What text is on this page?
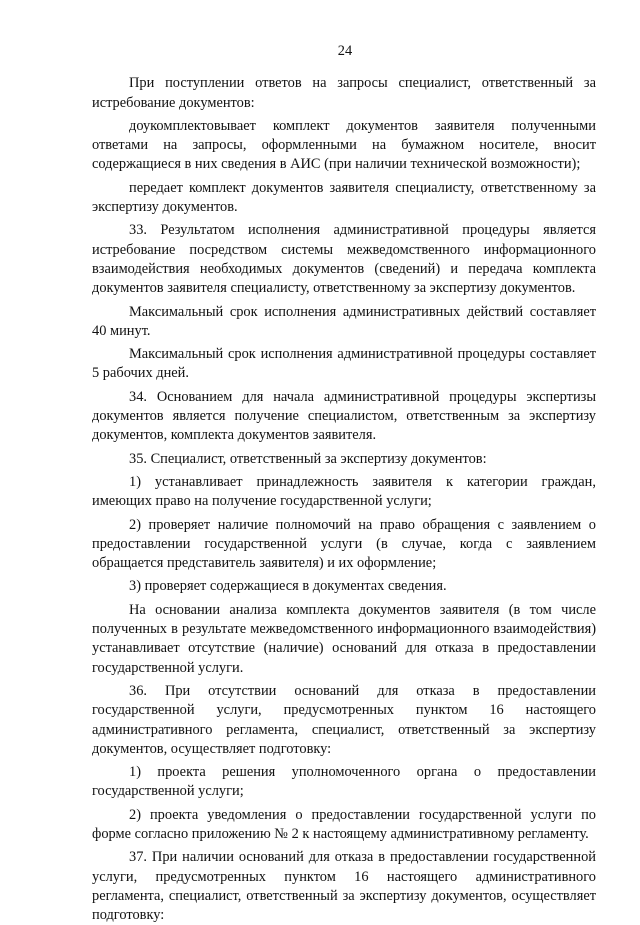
24

При поступлении ответов на запросы специалист, ответственный за истребование документов:

доукомплектовывает комплект документов заявителя полученными ответами на запросы, оформленными на бумажном носителе, вносит содержащиеся в них сведения в АИС (при наличии технической возможности);

передает комплект документов заявителя специалисту, ответственному за экспертизу документов.

33. Результатом исполнения административной процедуры является истребование посредством системы межведомственного информационного взаимодействия необходимых документов (сведений) и передача комплекта документов заявителя специалисту, ответственному за экспертизу документов.

Максимальный срок исполнения административных действий составляет 40 минут.

Максимальный срок исполнения административной процедуры составляет 5 рабочих дней.

34. Основанием для начала административной процедуры экспертизы документов является получение специалистом, ответственным за экспертизу документов, комплекта документов заявителя.

35. Специалист, ответственный за экспертизу документов:

1) устанавливает принадлежность заявителя к категории граждан, имеющих право на получение государственной услуги;

2) проверяет наличие полномочий на право обращения с заявлением о предоставлении государственной услуги (в случае, когда с заявлением обращается представитель заявителя) и их оформление;

3) проверяет содержащиеся в документах сведения.

На основании анализа комплекта документов заявителя (в том числе полученных в результате межведомственного информационного взаимодействия) устанавливает отсутствие (наличие) оснований для отказа в предоставлении государственной услуги.

36. При отсутствии оснований для отказа в предоставлении государственной услуги, предусмотренных пунктом 16 настоящего административного регламента, специалист, ответственный за экспертизу документов, осуществляет подготовку:

1) проекта решения уполномоченного органа о предоставлении государственной услуги;

2) проекта уведомления о предоставлении государственной услуги по форме согласно приложению № 2 к настоящему административному регламенту.

37. При наличии оснований для отказа в предоставлении государственной услуги, предусмотренных пунктом 16 настоящего административного регламента, специалист, ответственный за экспертизу документов, осуществляет подготовку:
